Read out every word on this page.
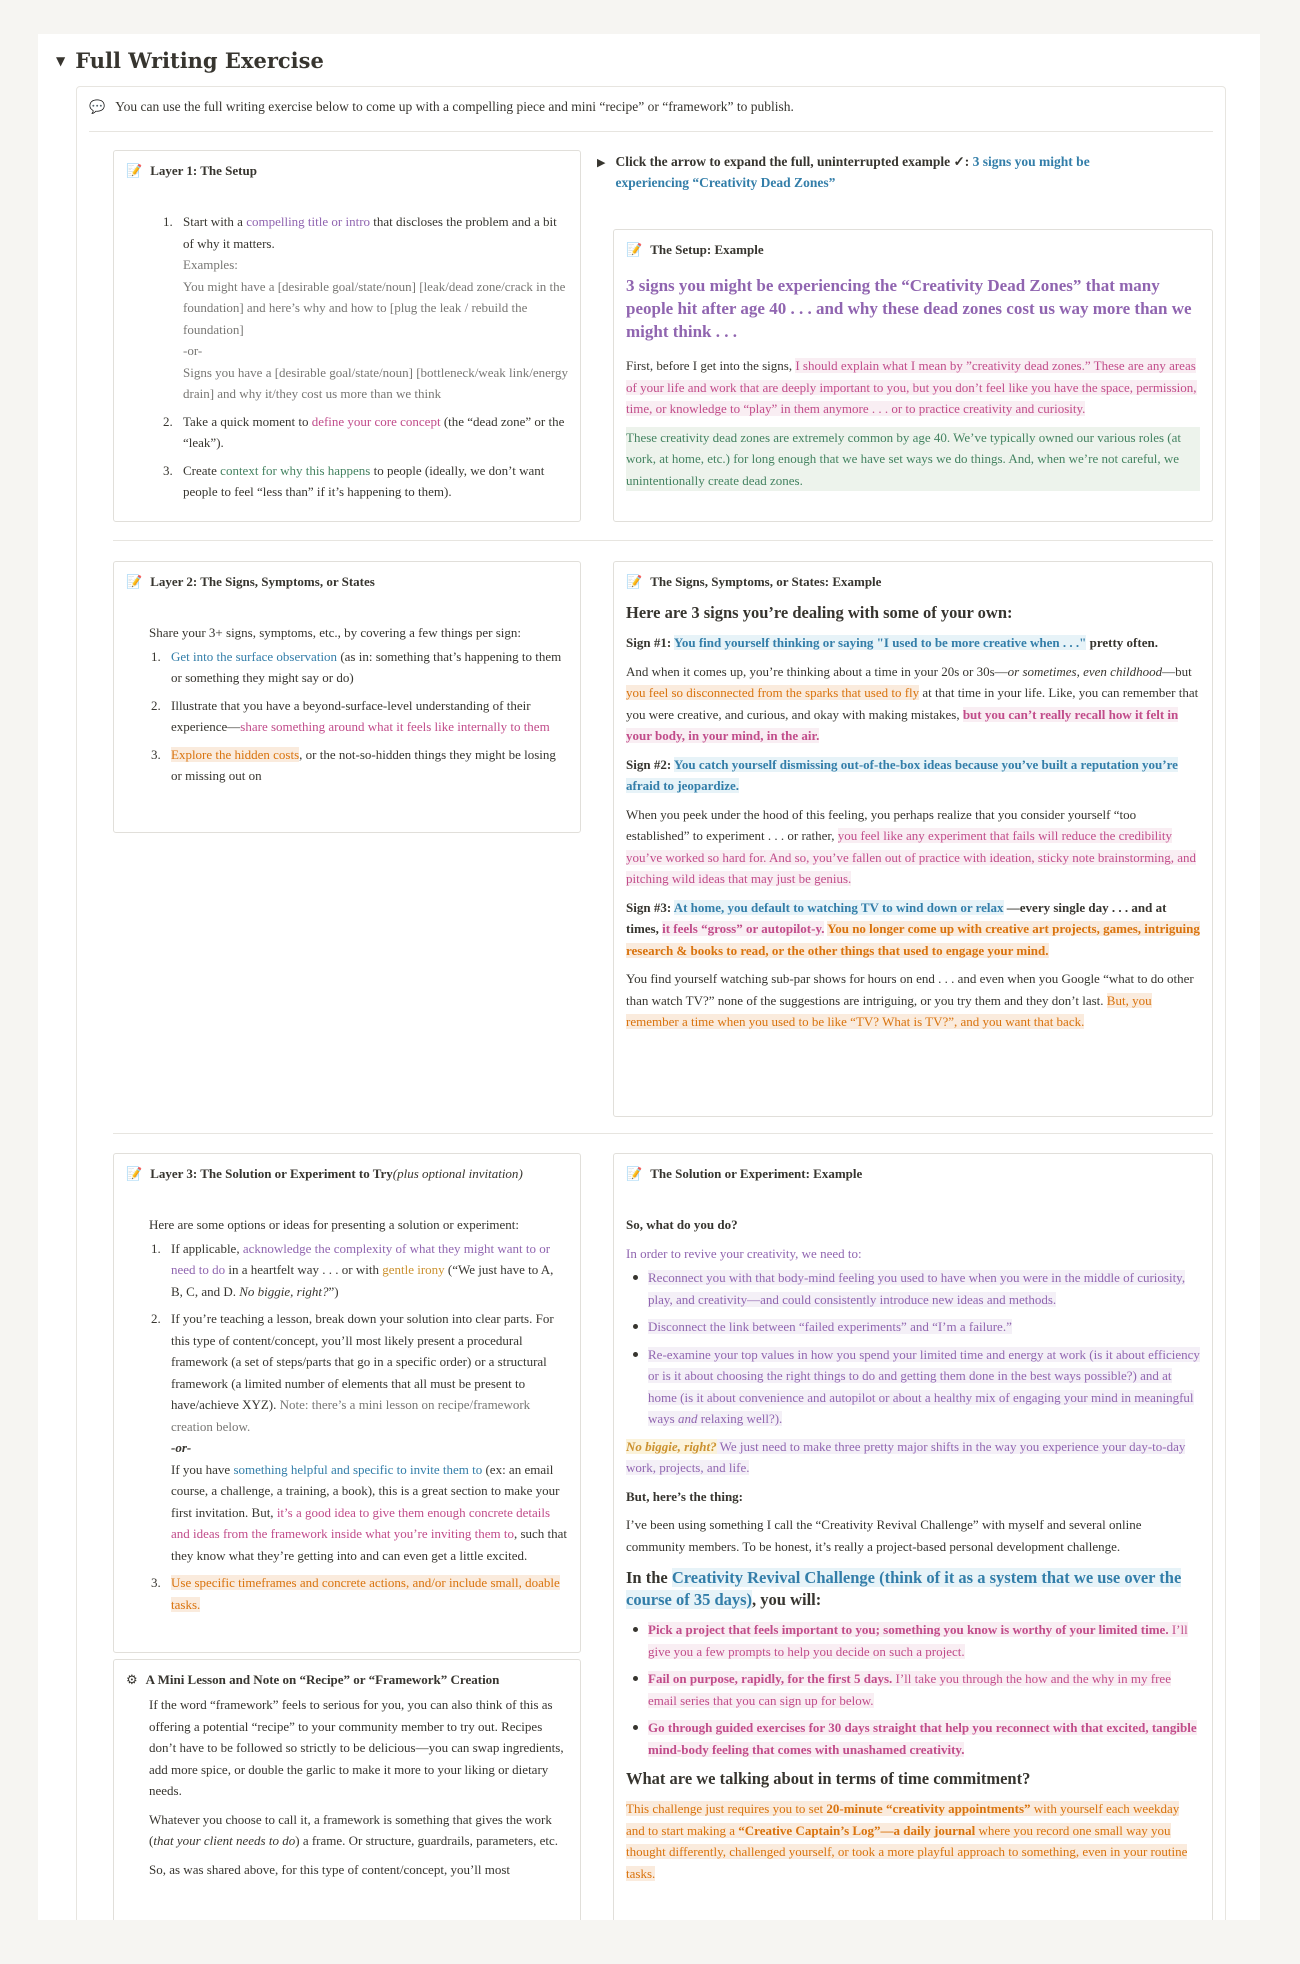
▼ Full Writing Exercise
💬 You can use the full writing exercise below to come up with a compelling piece and mini “recipe” or “framework” to publish.
▶ Click the arrow to expand the full, uninterrupted example ✓: 3 signs you might be experiencing “Creativity Dead Zones”
📝 Layer 1: The Setup
Start with a compelling title or intro that discloses the problem and a bit of why it matters.
Examples:
You might have a [desirable goal/state/noun] [leak/dead zone/crack in the foundation] and here’s why and how to [plug the leak / rebuild the foundation]
-or-
Signs you have a [desirable goal/state/noun] [bottleneck/weak link/energy drain] and why it/they cost us more than we think
Take a quick moment to define your core concept (the “dead zone” or the “leak”).
Create context for why this happens to people (ideally, we don’t want people to feel “less than” if it’s happening to them).
📝 The Setup: Example
3 signs you might be experiencing the “Creativity Dead Zones” that many people hit after age 40 . . . and why these dead zones cost us way more than we might think . . .

First, before I get into the signs, I should explain what I mean by ”creativity dead zones.” These are any areas of your life and work that are deeply important to you, but you don’t feel like you have the space, permission, time, or knowledge to “play” in them anymore . . . or to practice creativity and curiosity.

These creativity dead zones are extremely common by age 40. We’ve typically owned our various roles (at work, at home, etc.) for long enough that we have set ways we do things. And, when we’re not careful, we unintentionally create dead zones.

📝 Layer 2: The Signs, Symptoms, or States

Share your 3+ signs, symptoms, etc., by covering a few things per sign:

Get into the surface observation (as in: something that’s happening to them or something they might say or do)
Illustrate that you have a beyond-surface-level understanding of their experience—share something around what it feels like internally to them
Explore the hidden costs, or the not-so-hidden things they might be losing or missing out on
📝 The Signs, Symptoms, or States: Example
Here are 3 signs you’re dealing with some of your own:

Sign #1: You find yourself thinking or saying "I used to be more creative when . . ." pretty often.

And when it comes up, you’re thinking about a time in your 20s or 30s—or sometimes, even childhood—but you feel so disconnected from the sparks that used to fly at that time in your life. Like, you can remember that you were creative, and curious, and okay with making mistakes, but you can’t really recall how it felt in your body, in your mind, in the air.

Sign #2: You catch yourself dismissing out-of-the-box ideas because you’ve built a reputation you’re afraid to jeopardize.

When you peek under the hood of this feeling, you perhaps realize that you consider yourself “too established” to experiment . . . or rather, you feel like any experiment that fails will reduce the credibility you’ve worked so hard for. And so, you’ve fallen out of practice with ideation, sticky note brainstorming, and pitching wild ideas that may just be genius.

Sign #3: At home, you default to watching TV to wind down or relax —every single day . . . and at times, it feels “gross” or autopilot-y. You no longer come up with creative art projects, games, intriguing research & books to read, or the other things that used to engage your mind.

You find yourself watching sub-par shows for hours on end . . . and even when you Google “what to do other than watch TV?” none of the suggestions are intriguing, or you try them and they don’t last. But, you remember a time when you used to be like “TV? What is TV?”, and you want that back.

📝 Layer 3: The Solution or Experiment to Try ( plus optional invitation )

Here are some options or ideas for presenting a solution or experiment:

If applicable, acknowledge the complexity of what they might want to or need to do in a heartfelt way . . . or with gentle irony (“We just have to A, B, C, and D. No biggie, right?”)
If you’re teaching a lesson, break down your solution into clear parts. For this type of content/concept, you’ll most likely present a procedural framework (a set of steps/parts that go in a specific order) or a structural framework (a limited number of elements that all must be present to have/achieve XYZ). Note: there’s a mini lesson on recipe/framework creation below.
-or-
If you have something helpful and specific to invite them to (ex: an email course, a challenge, a training, a book), this is a great section to make your first invitation. But, it’s a good idea to give them enough concrete details and ideas from the framework inside what you’re inviting them to, such that they know what they’re getting into and can even get a little excited.
Use specific timeframes and concrete actions, and/or include small, doable tasks.
⚙ A Mini Lesson and Note on “Recipe” or “Framework” Creation

If the word “framework” feels to serious for you, you can also think of this as offering a potential “recipe” to your community member to try out. Recipes don’t have to be followed so strictly to be delicious—you can swap ingredients, add more spice, or double the garlic to make it more to your liking or dietary needs.

Whatever you choose to call it, a framework is something that gives the work (that your client needs to do) a frame. Or structure, guardrails, parameters, etc.

So, as was shared above, for this type of content/concept, you’ll most

📝 The Solution or Experiment: Example

So, what do you do?

In order to revive your creativity, we need to:

Reconnect you with that body-mind feeling you used to have when you were in the middle of curiosity, play, and creativity—and could consistently introduce new ideas and methods.
Disconnect the link between “failed experiments” and “I’m a failure.”
Re-examine your top values in how you spend your limited time and energy at work (is it about efficiency or is it about choosing the right things to do and getting them done in the best ways possible?) and at home (is it about convenience and autopilot or about a healthy mix of engaging your mind in meaningful ways and relaxing well?).

No biggie, right? We just need to make three pretty major shifts in the way you experience your day-to-day work, projects, and life.

But, here’s the thing:

I’ve been using something I call the “Creativity Revival Challenge” with myself and several online community members. To be honest, it’s really a project-based personal development challenge.

In the Creativity Revival Challenge (think of it as a system that we use over the course of 35 days), you will:
Pick a project that feels important to you; something you know is worthy of your limited time. I’ll give you a few prompts to help you decide on such a project.
Fail on purpose, rapidly, for the first 5 days. I’ll take you through the how and the why in my free email series that you can sign up for below.
Go through guided exercises for 30 days straight that help you reconnect with that excited, tangible mind-body feeling that comes with unashamed creativity.
What are we talking about in terms of time commitment?

This challenge just requires you to set 20-minute “creativity appointments” with yourself each weekday and to start making a “Creative Captain’s Log”—a daily journal where you record one small way you thought differently, challenged yourself, or took a more playful approach to something, even in your routine tasks.
